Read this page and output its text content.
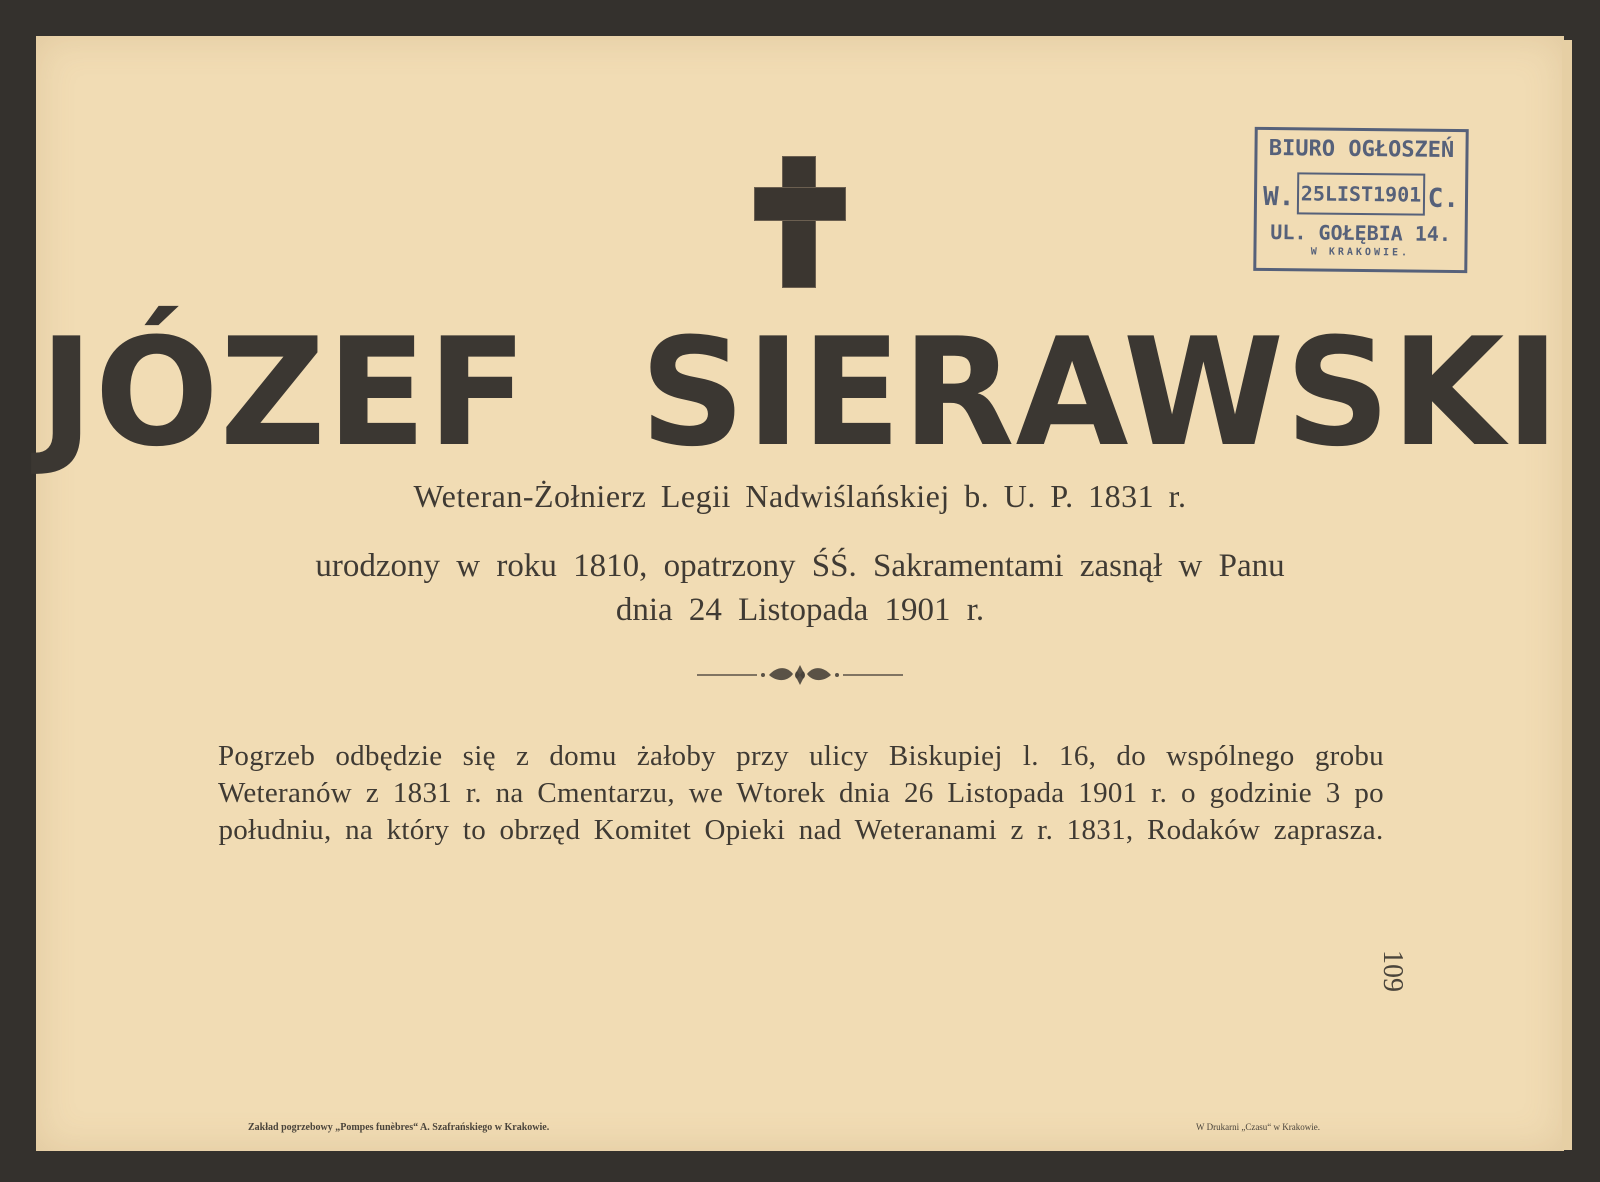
BIURO OGŁOSZEŃ
W. 25LIST1901 C.
UL. GOŁĘBIA 14.
W KRAKOWIE.
JÓZEF SIERAWSKI
Weteran-Żołnierz Legii Nadwiślańskiej b. U. P. 1831 r.
urodzony w roku 1810, opatrzony ŚŚ. Sakramentami zasnął w Panu
dnia 24 Listopada 1901 r.
Pogrzeb odbędzie się z domu żałoby przy ulicy Biskupiej l. 16, do wspólnego grobu Weteranów z 1831 r. na Cmentarzu, we Wtorek dnia 26 Listopada 1901 r. o godzinie 3 po południu, na który to obrzęd Komitet Opieki nad Weteranami z r. 1831, Rodaków zaprasza.
109
Zakład pogrzebowy „Pompes funèbres“ A. Szafrańskiego w Krakowie.	W Drukarni „Czasu“ w Krakowie.
